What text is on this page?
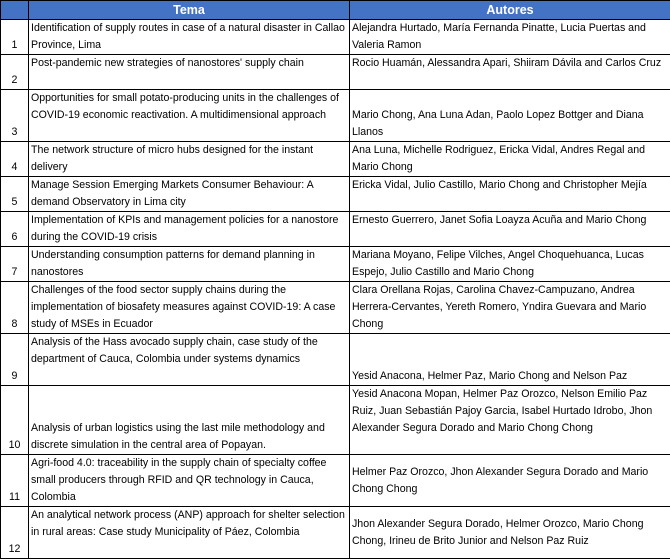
	Tema	Autores
1	Identification of supply routes in case of a natural disaster in Callao Province, Lima	Alejandra Hurtado, María Fernanda Pinatte, Lucia Puertas and Valeria Ramon
2	Post-pandemic new strategies of nanostores' supply chain	Rocio Huamán, Alessandra Apari, Shiiram Dávila and Carlos Cruz
3	Opportunities for small potato-producing units in the challenges of COVID-19 economic reactivation. A multidimensional approach	Mario Chong, Ana Luna Adan, Paolo Lopez Bottger and Diana Llanos
4	The network structure of micro hubs designed for the instant delivery	Ana Luna, Michelle Rodriguez, Ericka Vidal, Andres Regal and Mario Chong
5	Manage Session Emerging Markets Consumer Behaviour: A demand Observatory in Lima city	Ericka Vidal, Julio Castillo, Mario Chong and Christopher Mejía
6	Implementation of KPIs and management policies for a nanostore during the COVID-19 crisis	Ernesto Guerrero, Janet Sofia Loayza Acuña and Mario Chong
7	Understanding consumption patterns for demand planning in nanostores	Mariana Moyano, Felipe Vilches, Angel Choquehuanca, Lucas Espejo, Julio Castillo and Mario Chong
8	Challenges of the food sector supply chains during the implementation of biosafety measures against COVID-19: A case study of MSEs in Ecuador	Clara Orellana Rojas, Carolina Chavez-Campuzano, Andrea Herrera-Cervantes, Yereth Romero, Yndira Guevara and Mario Chong
9	Analysis of the Hass avocado supply chain, case study of the department of Cauca, Colombia under systems dynamics	Yesid Anacona, Helmer Paz, Mario Chong and Nelson Paz
10	Analysis of urban logistics using the last mile methodology and discrete simulation in the central area of Popayan.	Yesid Anacona Mopan, Helmer Paz Orozco, Nelson Emilio Paz Ruiz, Juan Sebastián Pajoy Garcia, Isabel Hurtado Idrobo, Jhon Alexander Segura Dorado and Mario Chong Chong
11	Agri-food 4.0: traceability in the supply chain of specialty coffee small producers through RFID and QR technology in Cauca, Colombia	Helmer Paz Orozco, Jhon Alexander Segura Dorado and Mario Chong Chong
12	An analytical network process (ANP) approach for shelter selection in rural areas: Case study Municipality of Páez, Colombia	Jhon Alexander Segura Dorado, Helmer Orozco, Mario Chong Chong, Irineu de Brito Junior and Nelson Paz Ruiz
